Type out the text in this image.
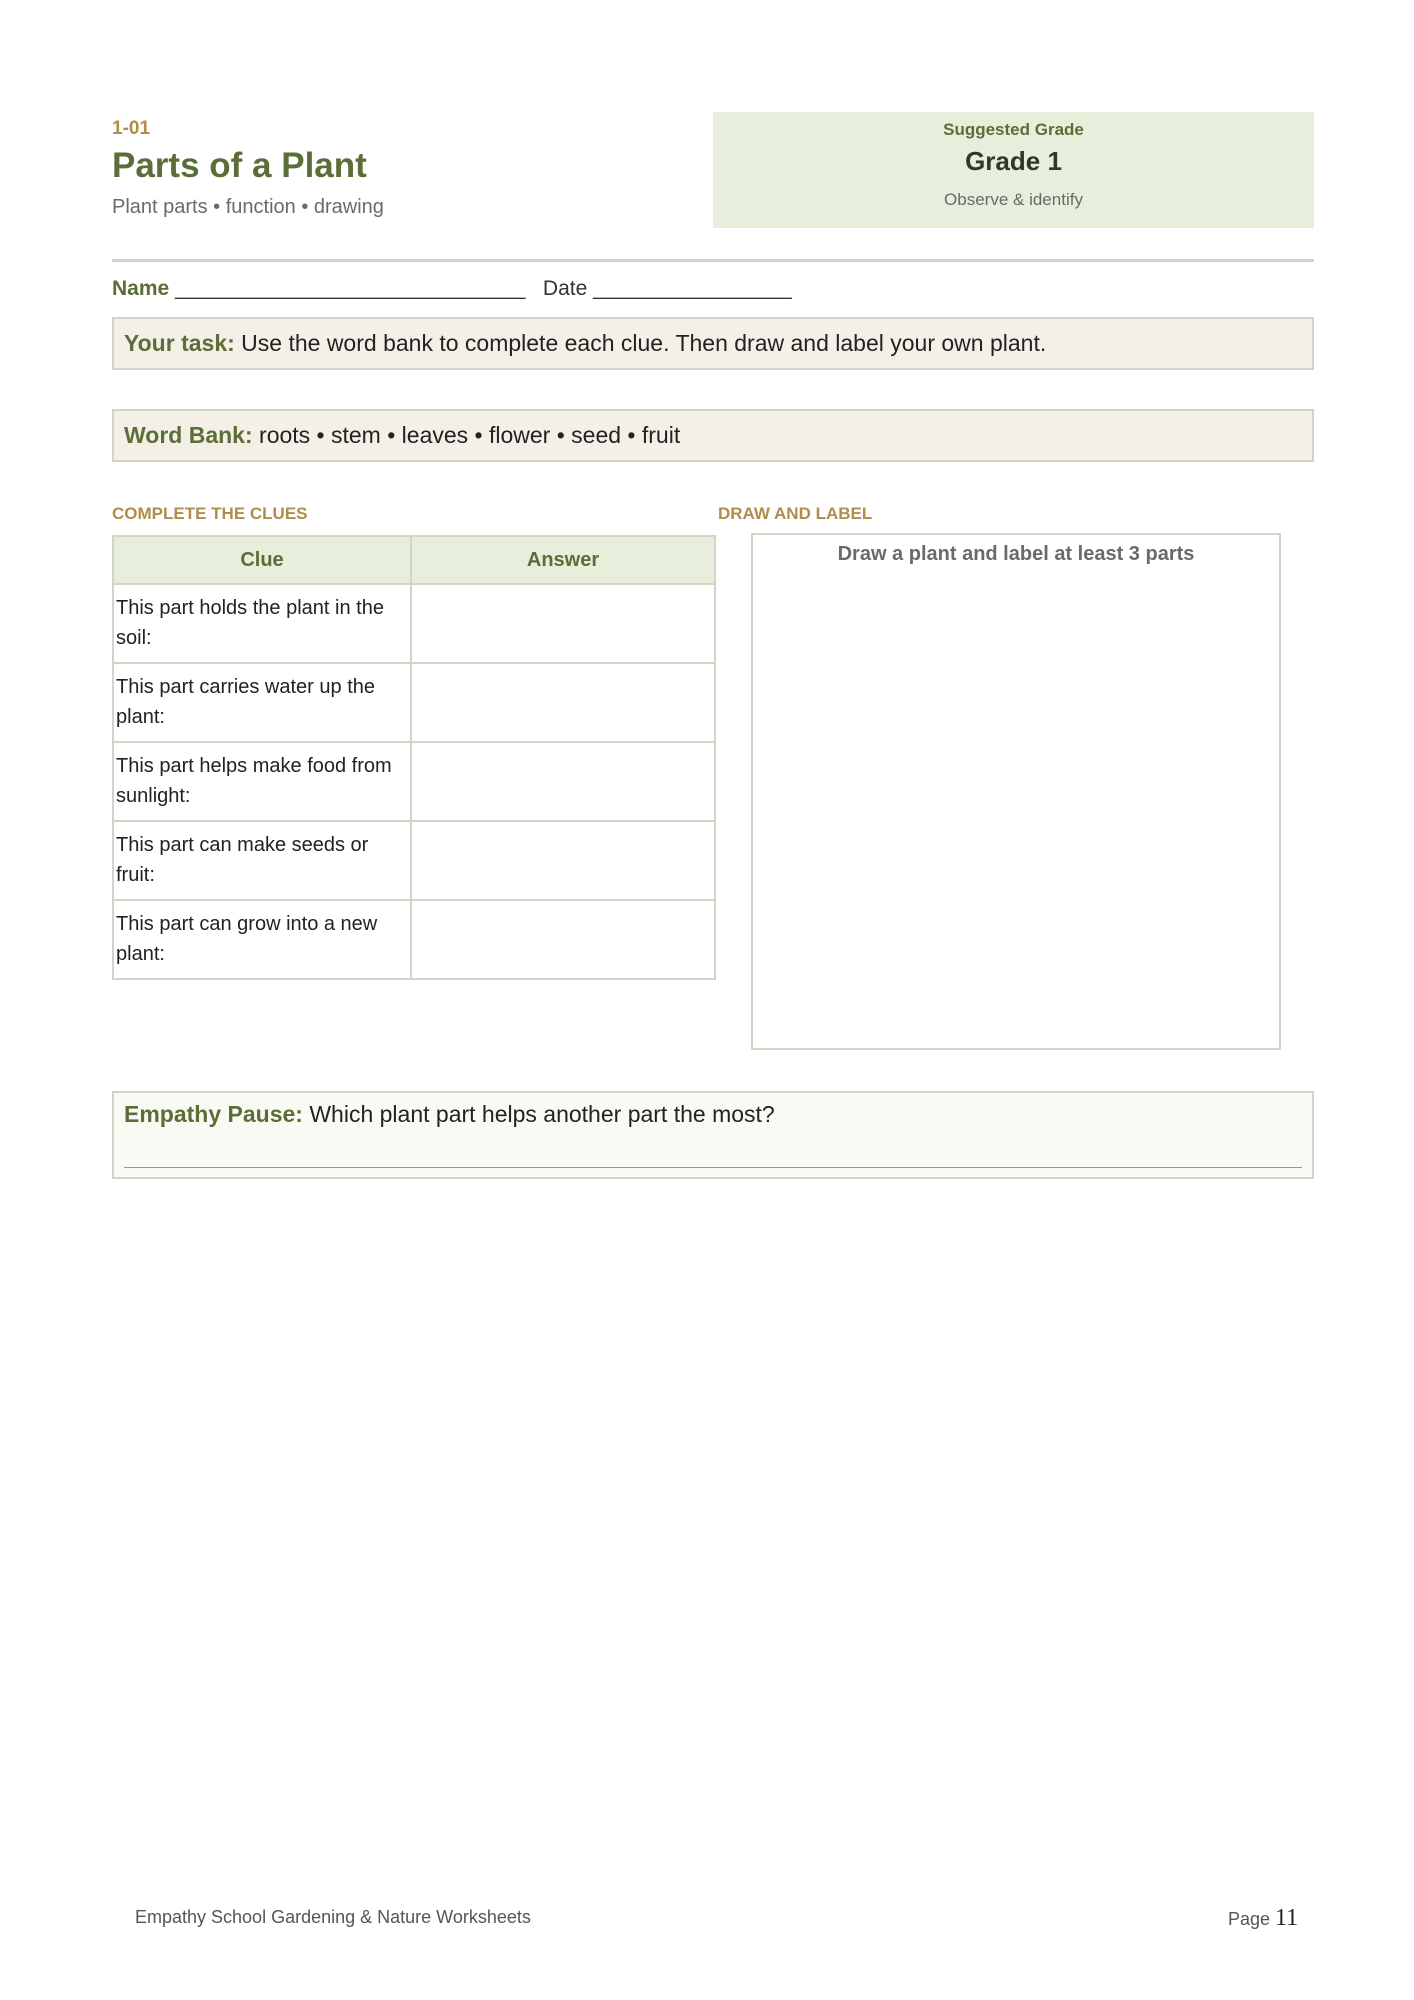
1-01
Parts of a Plant
Plant parts • function • drawing
Suggested Grade
Grade 1
Observe & identify
Name ______________________________   Date _________________
Your task: Use the word bank to complete each clue. Then draw and label your own plant.
Word Bank: roots • stem • leaves • flower • seed • fruit
COMPLETE THE CLUES	DRAW AND LABEL
Clue	Answer
This part holds the plant in the soil:	
This part carries water up the plant:	
This part helps make food from sunlight:	
This part can make seeds or fruit:	
This part can grow into a new plant:	
Draw a plant and label at least 3 parts
Empathy Pause: Which plant part helps another part the most?
Empathy School Gardening & Nature Worksheets	Page 11
